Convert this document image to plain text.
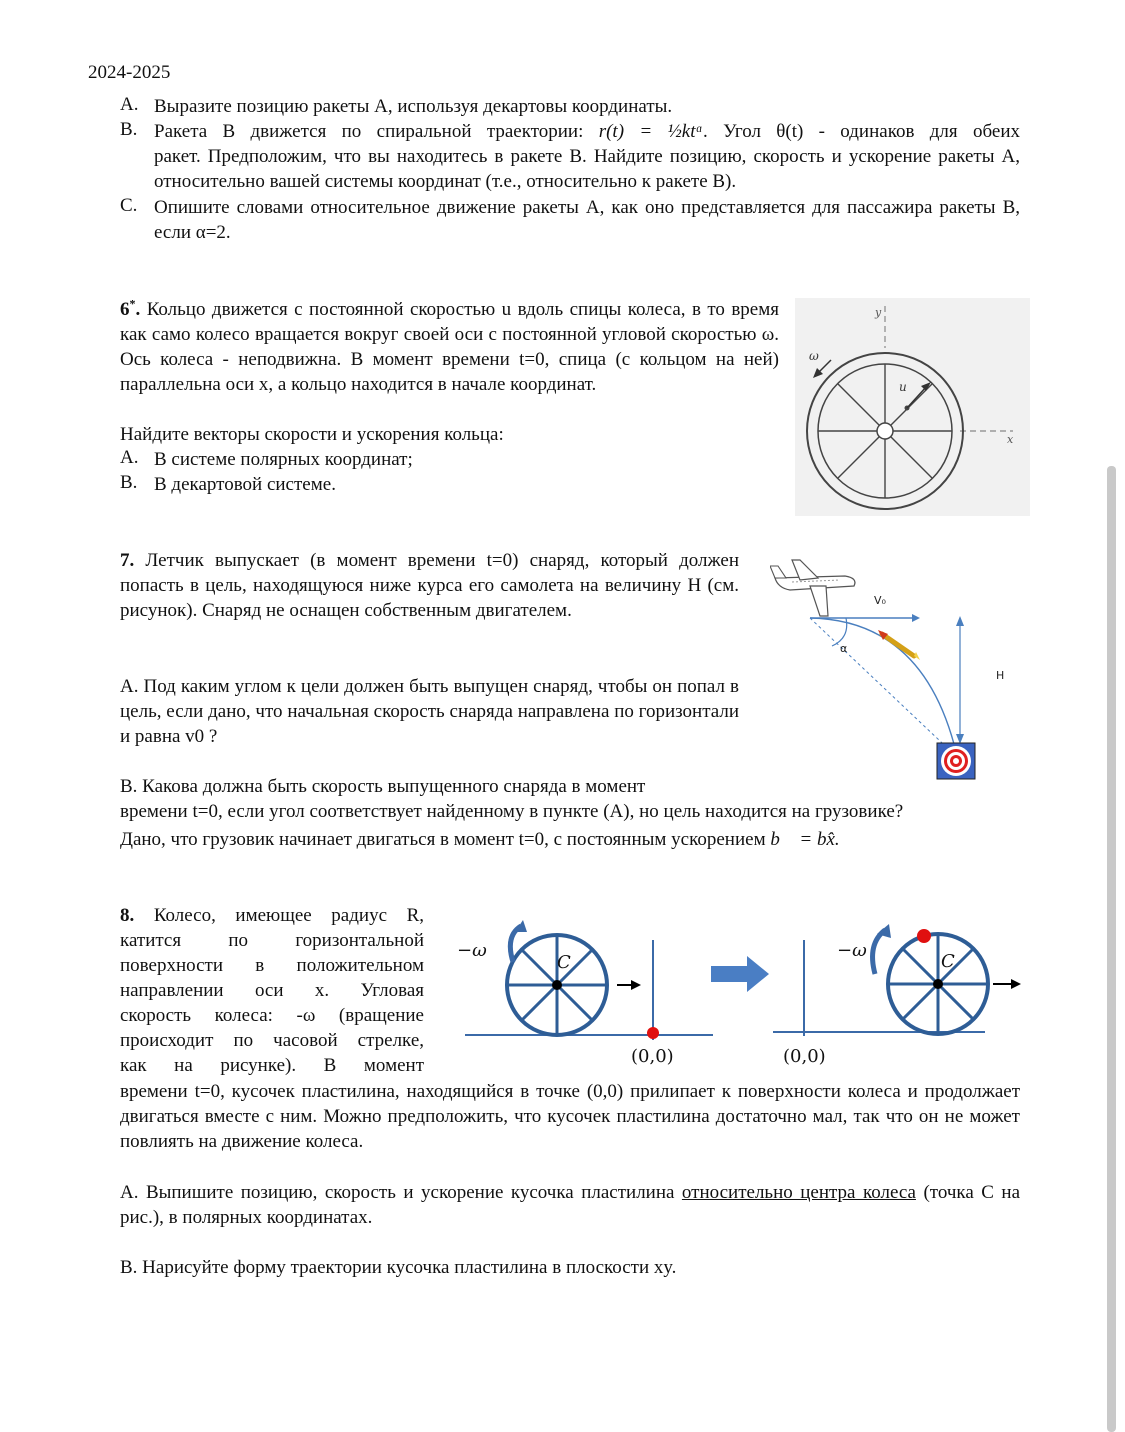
2024-2025
A. Выразите позицию ракеты А, используя декартовы координаты.
B. Ракета В движется по спиральной траектории: r(t) = ½ktᵅ. Угол θ(t) - одинаков для обеих
ракет. Предположим, что вы находитесь в ракете В. Найдите позицию, скорость и ускорение ракеты А, относительно вашей системы координат (т.е., относительно к ракете В).
C. Опишите словами относительное движение ракеты А, как оно представляется для пассажира ракеты В, если α=2.
6*. Кольцо движется с постоянной скоростью u вдоль спицы колеса, в то время как само колесо вращается вокруг своей оси с постоянной угловой скоростью ω. Ось колеса - неподвижна. В момент времени t=0, спица (с кольцом на ней) параллельна оси x, а кольцо находится в начале координат.
Найдите векторы скорости и ускорения кольца:
A. В системе полярных координат;
B. В декартовой системе.
ω
u
y
x
7. Летчик выпускает (в момент времени t=0) снаряд, который должен попасть в цель, находящуюся ниже курса его самолета на величину H (см. рисунок). Снаряд не оснащен собственным двигателем.
A. Под каким углом к цели должен быть выпущен снаряд, чтобы он попал в цель, если дано, что начальная скорость снаряда направлена по горизонтали и равна v0 ?
B. Какова должна быть скорость выпущенного снаряда в момент
времени t=0, если угол соответствует найденному в пункте (A), но цель находится на грузовике?
Дано, что грузовик начинает двигаться в момент t=0, с постоянным ускорением b⃗ = bx̂.
V₀
α
H
8. Колесо, имеющее радиус R,
катится по горизонтальной
поверхности в положительном
направлении оси x. Угловая
скорость колеса: -ω (вращение
происходит по часовой стрелке,
как на рисунке). В момент
времени t=0, кусочек пластилина, находящийся в точке (0,0) прилипает к поверхности колеса и продолжает двигаться вместе с ним. Можно предположить, что кусочек пластилина достаточно мал, так что он не может повлиять на движение колеса.
A. Выпишите позицию, скорость и ускорение кусочка пластилина относительно центра колеса (точка C на рис.), в полярных координатах.
B. Нарисуйте форму траектории кусочка пластилина в плоскости xy.
C
−ω
(0,0)
C
−ω
(0,0)
